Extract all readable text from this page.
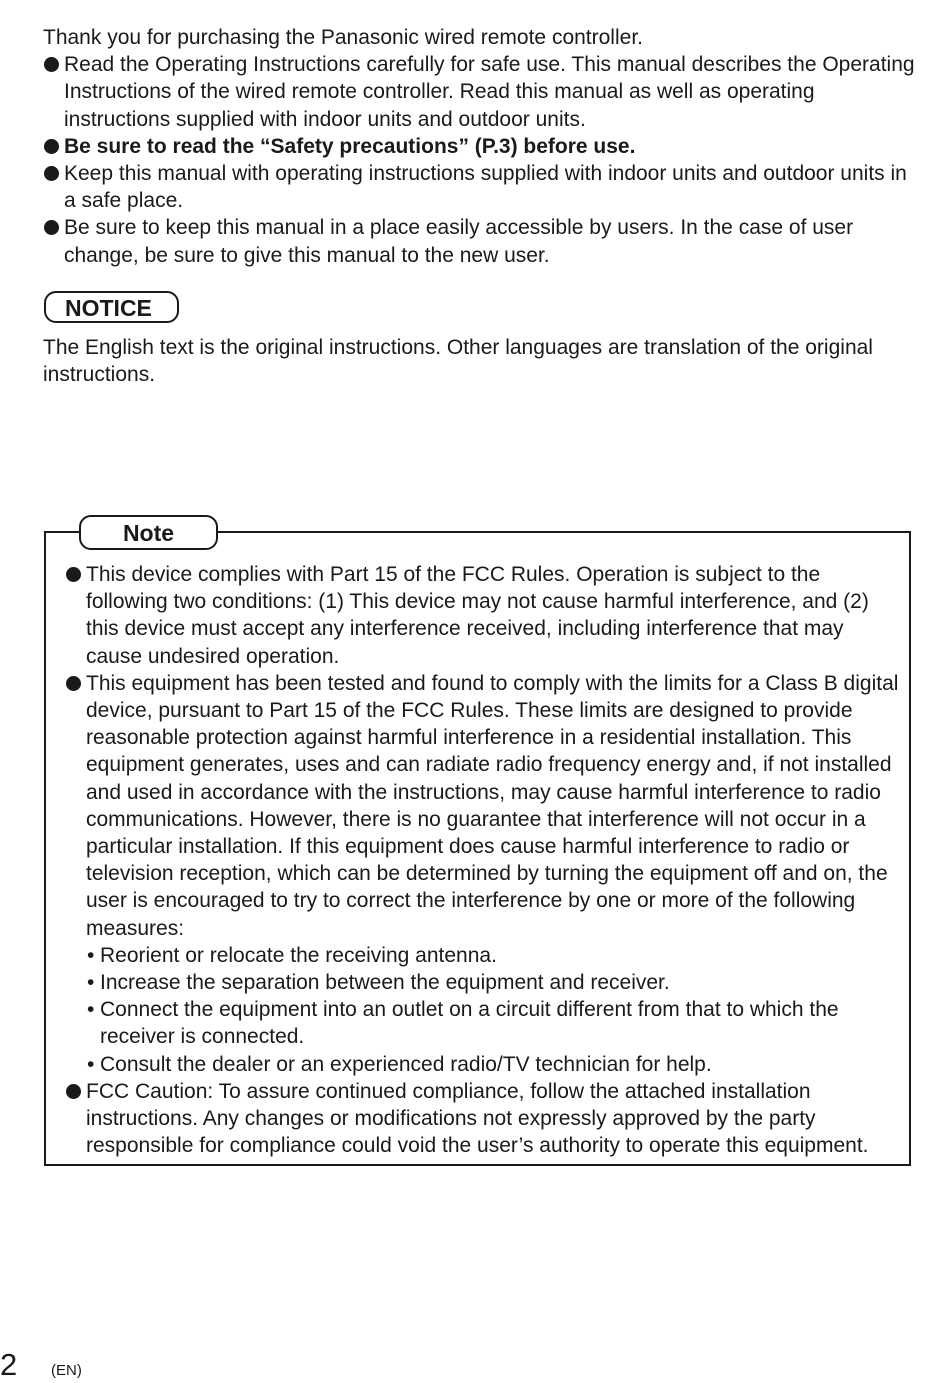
Thank you for purchasing the Panasonic wired remote controller.
Read the Operating Instructions carefully for safe use. This manual describes the Operating Instructions of the wired remote controller. Read this manual as well as operating instructions supplied with indoor units and outdoor units.
Be sure to read the “Safety precautions” (P.3) before use.
Keep this manual with operating instructions supplied with indoor units and outdoor units in a safe place.
Be sure to keep this manual in a place easily accessible by users. In the case of user change, be sure to give this manual to the new user.
NOTICE
The English text is the original instructions. Other languages are translation of the original instructions.
Note
This device complies with Part 15 of the FCC Rules. Operation is subject to the following two conditions: (1) This device may not cause harmful interference, and (2) this device must accept any interference received, including interference that may cause undesired operation.
This equipment has been tested and found to comply with the limits for a Class B digital device, pursuant to Part 15 of the FCC Rules. These limits are designed to provide reasonable protection against harmful interference in a residential installation. This equipment generates, uses and can radiate radio frequency energy and, if not installed and used in accordance with the instructions, may cause harmful interference to radio communications. However, there is no guarantee that interference will not occur in a particular installation. If this equipment does cause harmful interference to radio or television reception, which can be determined by turning the equipment off and on, the user is encouraged to try to correct the interference by one or more of the following measures:
• Reorient or relocate the receiving antenna.
• Increase the separation between the equipment and receiver.
• Connect the equipment into an outlet on a circuit different from that to which the receiver is connected.
• Consult the dealer or an experienced radio/TV technician for help.
FCC Caution: To assure continued compliance, follow the attached installation instructions. Any changes or modifications not expressly approved by the party responsible for compliance could void the user’s authority to operate this equipment.
2 (EN)
